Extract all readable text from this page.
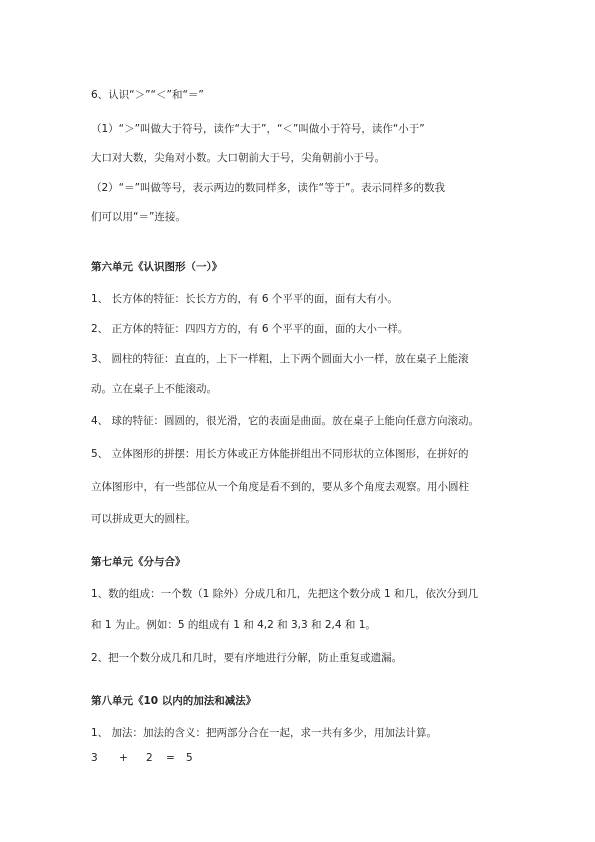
6、认识“＞”“＜”和“＝”

（1）“＞”叫做大于符号，读作“大于”，“＜”叫做小于符号，读作“小于”

大口对大数，尖角对小数。大口朝前大于号，尖角朝前小于号。

（2）“＝”叫做等号，表示两边的数同样多，读作“等于”。表示同样多的数我

们可以用“＝”连接。

第六单元《认识图形（一）》

1、 长方体的特征：长长方方的，有 6 个平平的面，面有大有小。

2、 正方体的特征：四四方方的，有 6 个平平的面，面的大小一样。

3、 圆柱的特征：直直的，上下一样粗，上下两个圆面大小一样，放在桌子上能滚

动。立在桌子上不能滚动。

4、 球的特征：圆圆的，很光滑，它的表面是曲面。放在桌子上能向任意方向滚动。

5、 立体图形的拼摆：用长方体或正方体能拼组出不同形状的立体图形，在拼好的

立体图形中，有一些部位从一个角度是看不到的，要从多个角度去观察。用小圆柱

可以拼成更大的圆柱。

第七单元《分与合》

1、数的组成：一个数（1 除外）分成几和几，先把这个数分成 1 和几，依次分到几

和 1 为止。例如：5 的组成有 1 和 4,2 和 3,3 和 2,4 和 1。

2、把一个数分成几和几时，要有序地进行分解，防止重复或遗漏。

第八单元《10 以内的加法和减法》

1、 加法：加法的含义：把两部分合在一起，求一共有多少，用加法计算。

3 + 2 = 5
